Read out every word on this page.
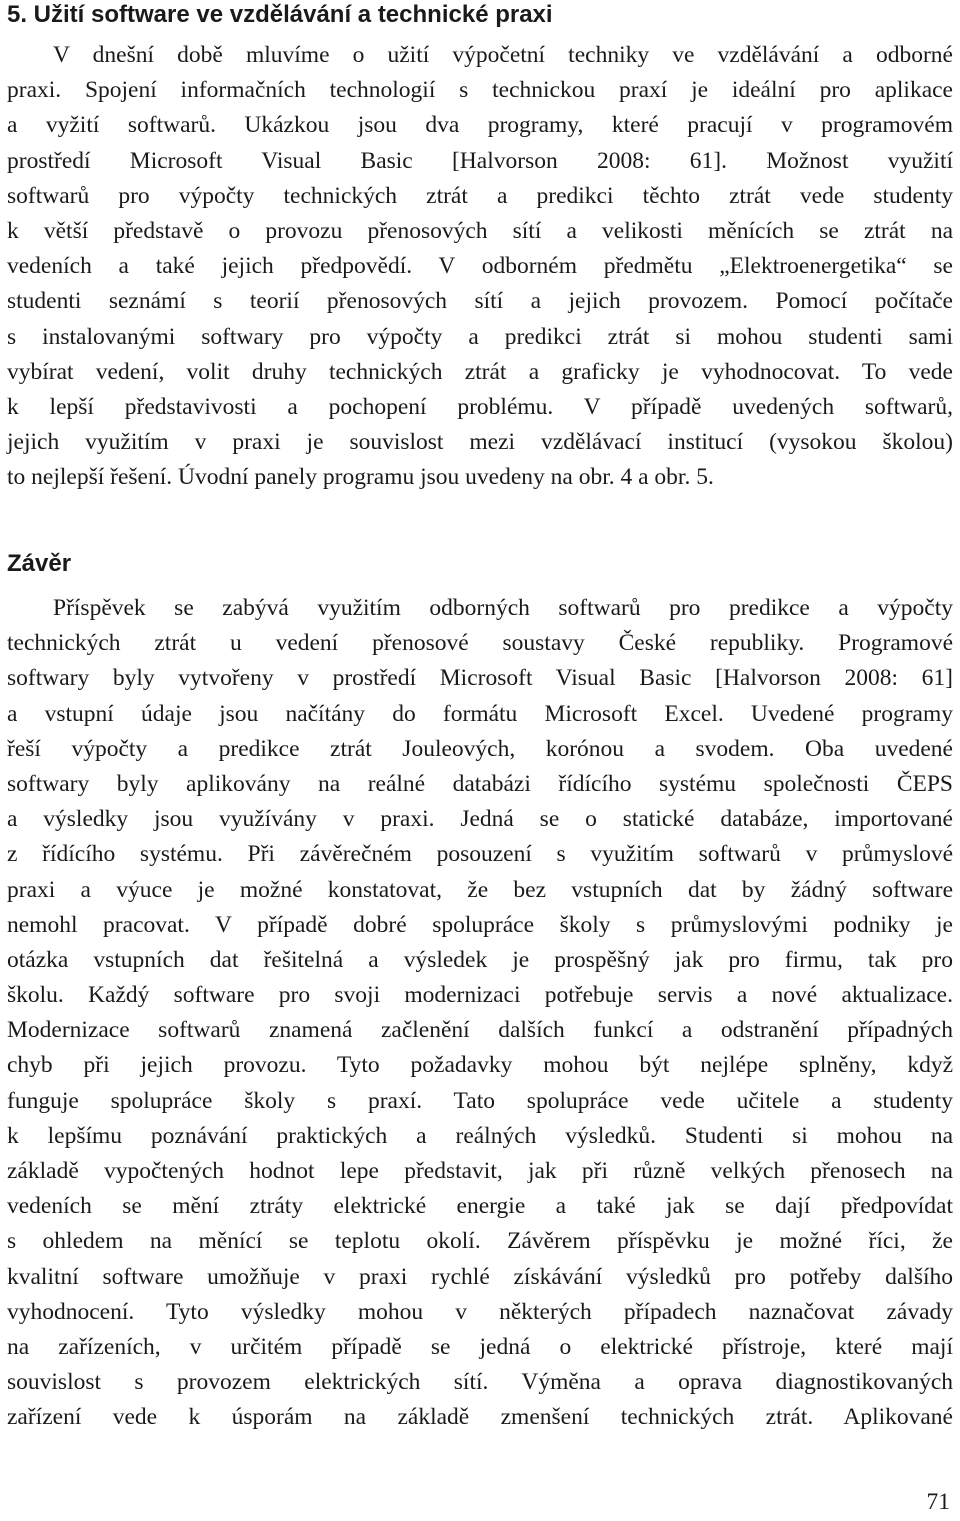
5. Užití software ve vzdělávání a technické praxi
V dnešní době mluvíme o užití výpočetní techniky ve vzdělávání a odborné
praxi. Spojení informačních technologií s technickou praxí je ideální pro aplikace
a vyžití softwarů. Ukázkou jsou dva programy, které pracují v programovém
prostředí Microsoft Visual Basic [Halvorson 2008: 61]. Možnost využití
softwarů pro výpočty technických ztrát a predikci těchto ztrát vede studenty
k větší představě o provozu přenosových sítí a velikosti měnících se ztrát na
vedeních a také jejich předpovědí. V odborném předmětu „Elektroenergetika“ se
studenti seznámí s teorií přenosových sítí a jejich provozem. Pomocí počítače
s instalovanými softwary pro výpočty a predikci ztrát si mohou studenti sami
vybírat vedení, volit druhy technických ztrát a graficky je vyhodnocovat. To vede
k lepší představivosti a pochopení problému. V případě uvedených softwarů,
jejich využitím v praxi je souvislost mezi vzdělávací institucí (vysokou školou)
to nejlepší řešení. Úvodní panely programu jsou uvedeny na obr. 4 a obr. 5.
Závěr
Příspěvek se zabývá využitím odborných softwarů pro predikce a výpočty
technických ztrát u vedení přenosové soustavy České republiky. Programové
softwary byly vytvořeny v prostředí Microsoft Visual Basic [Halvorson 2008: 61]
a vstupní údaje jsou načítány do formátu Microsoft Excel. Uvedené programy
řeší výpočty a predikce ztrát Jouleových, korónou a svodem. Oba uvedené
softwary byly aplikovány na reálné databázi řídícího systému společnosti ČEPS
a výsledky jsou využívány v praxi. Jedná se o statické databáze, importované
z řídícího systému. Při závěrečném posouzení s využitím softwarů v průmyslové
praxi a výuce je možné konstatovat, že bez vstupních dat by žádný software
nemohl pracovat. V případě dobré spolupráce školy s průmyslovými podniky je
otázka vstupních dat řešitelná a výsledek je prospěšný jak pro firmu, tak pro
školu. Každý software pro svoji modernizaci potřebuje servis a nové aktualizace.
Modernizace softwarů znamená začlenění dalších funkcí a odstranění případných
chyb při jejich provozu. Tyto požadavky mohou být nejlépe splněny, když
funguje spolupráce školy s praxí. Tato spolupráce vede učitele a studenty
k lepšímu poznávání praktických a reálných výsledků. Studenti si mohou na
základě vypočtených hodnot lepe představit, jak při různě velkých přenosech na
vedeních se mění ztráty elektrické energie a také jak se dají předpovídat
s ohledem na měnící se teplotu okolí. Závěrem příspěvku je možné říci, že
kvalitní software umožňuje v praxi rychlé získávání výsledků pro potřeby dalšího
vyhodnocení. Tyto výsledky mohou v některých případech naznačovat závady
na zařízeních, v určitém případě se jedná o elektrické přístroje, které mají
souvislost s provozem elektrických sítí. Výměna a oprava diagnostikovaných
zařízení vede k úsporám na základě zmenšení technických ztrát. Aplikované

71
